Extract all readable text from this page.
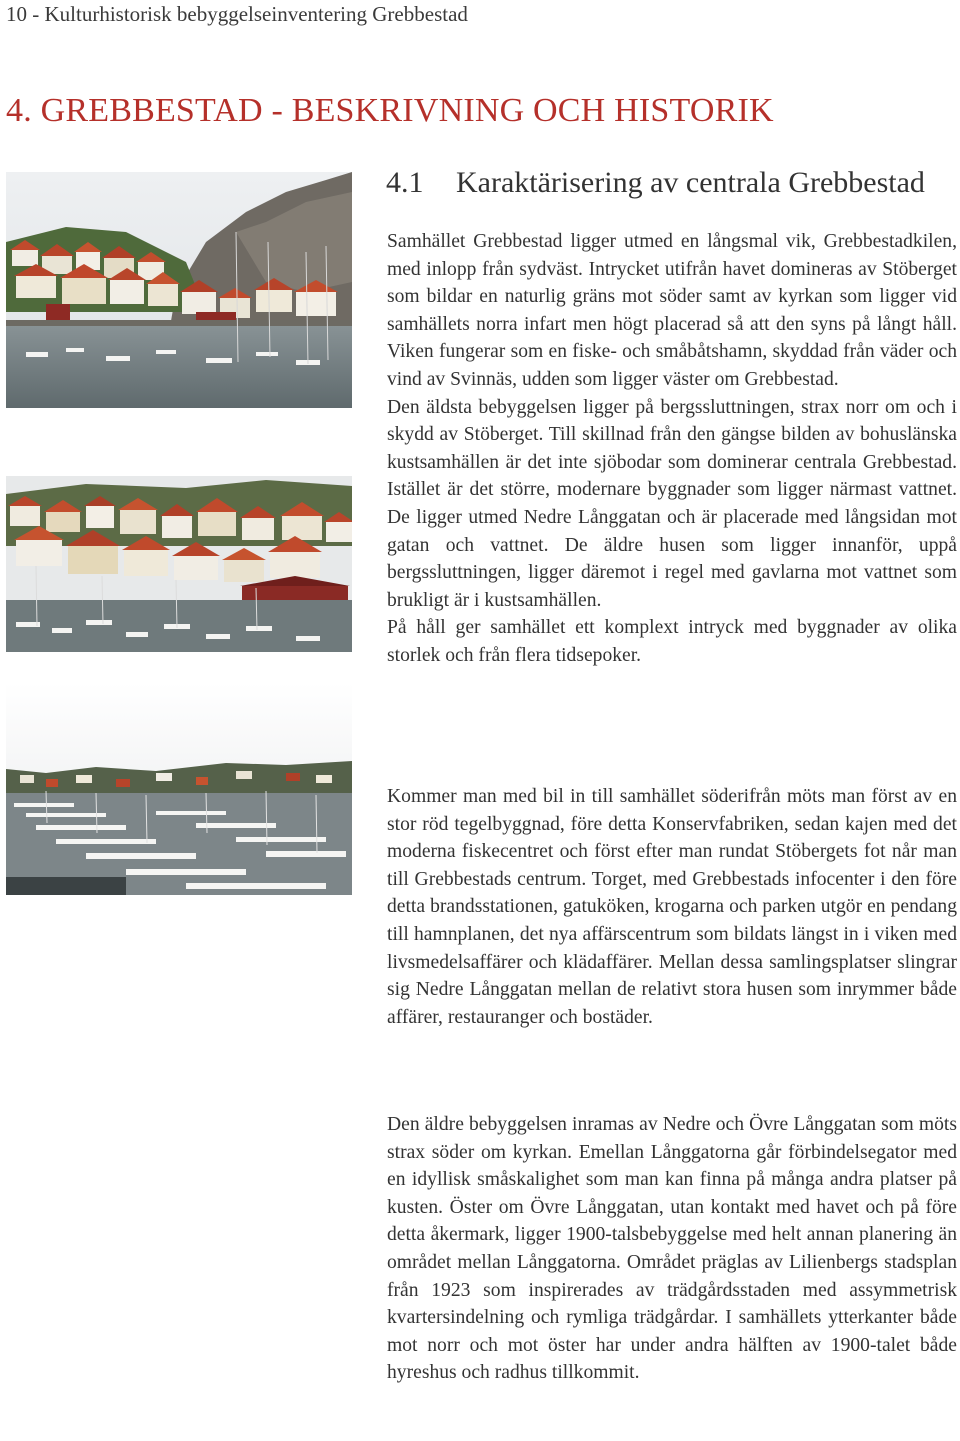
10 - Kulturhistorisk bebyggelseinventering Grebbestad
4. GREBBESTAD - BESKRIVNING OCH HISTORIK
4.1 Karaktärisering av centrala Grebbestad

Samhället Grebbestad ligger utmed en långsmal vik, Grebbestadkilen, med inlopp från sydväst. Intrycket utifrån havet domineras av Stöberget som bildar en naturlig gräns mot söder samt av kyrkan som ligger vid samhällets norra infart men högt placerad så att den syns på långt håll. Viken fungerar som en fiske- och småbåtshamn, skyddad från väder och vind av Svinnäs, udden som ligger väster om Grebbestad.

Den äldsta bebyggelsen ligger på bergssluttningen, strax norr om och i skydd av Stöberget. Till skillnad från den gängse bilden av bohuslänska kustsamhällen är det inte sjöbodar som dominerar centrala Grebbestad. Istället är det större, modernare byggnader som ligger närmast vattnet. De ligger utmed Nedre Långgatan och är placerade med långsidan mot gatan och vattnet. De äldre husen som ligger innanför, uppå bergssluttningen, ligger däremot i regel med gavlarna mot vattnet som brukligt är i kustsamhällen.

På håll ger samhället ett komplext intryck med byggnader av olika storlek och från flera tidsepoker.

Kommer man med bil in till samhället söderifrån möts man först av en stor röd tegelbyggnad, före detta Konservfabriken, sedan kajen med det moderna fiskecentret och först efter man rundat Stöbergets fot når man till Grebbestads centrum. Torget, med Grebbestads infocenter i den före detta brandsstationen, gatuköken, krogarna och parken utgör en pendang till hamnplanen, det nya affärscentrum som bildats längst in i viken med livsmedelsaffärer och klädaffärer. Mellan dessa samlingsplatser slingrar sig Nedre Långgatan mellan de relativt stora husen som inrymmer både affärer, restauranger och bostäder.

Den äldre bebyggelsen inramas av Nedre och Övre Långgatan som möts strax söder om kyrkan. Emellan Långgatorna går förbindelsegator med en idyllisk småskalighet som man kan finna på många andra platser på kusten. Öster om Övre Långgatan, utan kontakt med havet och på före detta åkermark, ligger 1900-talsbebyggelse med helt annan planering än området mellan Långgatorna. Området präglas av Lilienbergs stadsplan från 1923 som inspirerades av trädgårdsstaden med assymmetrisk kvartersindelning och rymliga trädgårdar. I samhällets ytterkanter både mot norr och mot öster har under andra hälften av 1900-talet både hyreshus och radhus tillkommit.
